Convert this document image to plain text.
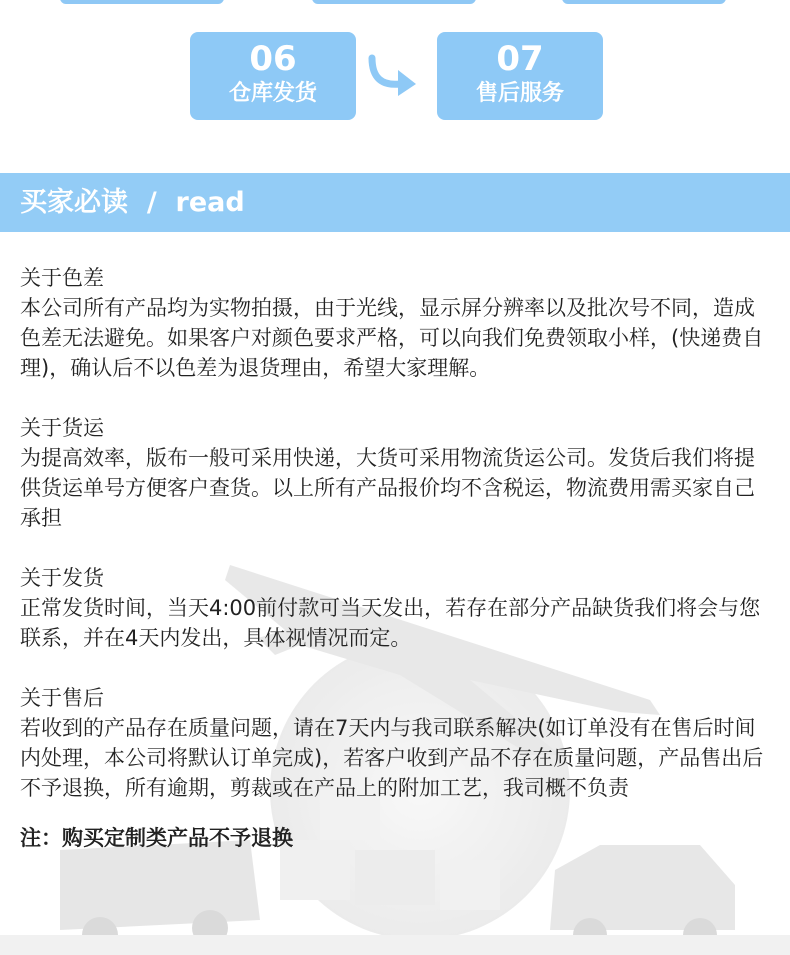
06
仓库发货
07
售后服务
买家必读 / read
关于色差
本公司所有产品均为实物拍摄，由于光线，显示屏分辨率以及批次号不同，造成色差无法避免。如果客户对颜色要求严格，可以向我们免费领取小样，(快递费自理)，确认后不以色差为退货理由，希望大家理解。
关于货运
为提高效率，版布一般可采用快递，大货可采用物流货运公司。发货后我们将提供货运单号方便客户查货。以上所有产品报价均不含税运，物流费用需买家自己承担
关于发货
正常发货时间，当天4:00前付款可当天发出，若存在部分产品缺货我们将会与您联系，并在4天内发出，具体视情况而定。
关于售后
若收到的产品存在质量问题，请在7天内与我司联系解决(如订单没有在售后时间内处理，本公司将默认订单完成)，若客户收到产品不存在质量问题，产品售出后不予退换，所有逾期，剪裁或在产品上的附加工艺，我司概不负责
注：购买定制类产品不予退换
